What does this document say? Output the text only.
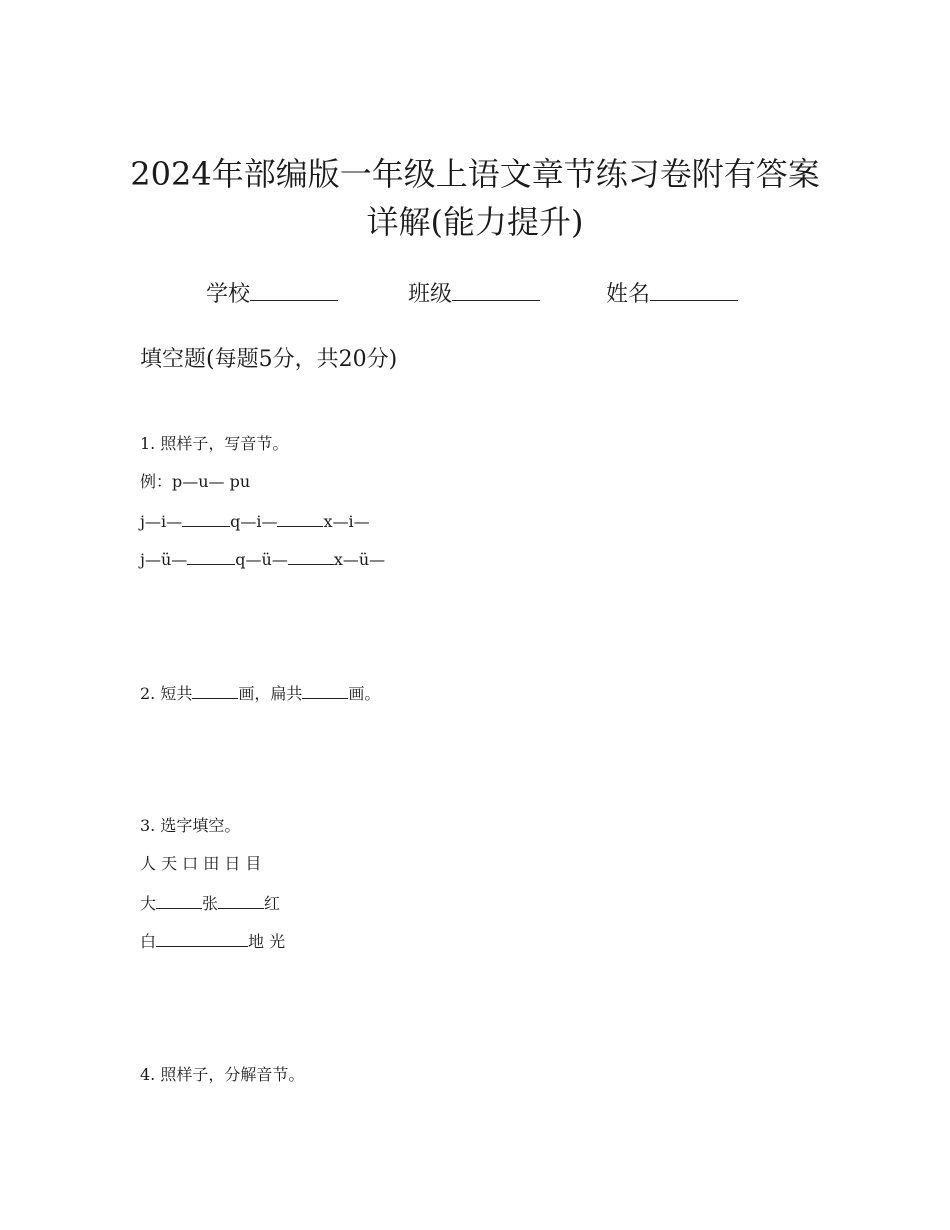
2024年部编版一年级上语文章节练习卷附有答案
详解(能力提升)
学校	班级	姓名
填空题(每题5分，共20分)
1. 照样子，写音节。
例：p—u— pu
j—i—	q—i—	x—i—
j—ü—	q—ü—	x—ü—
2. 短共	画，扁共	画。
3. 选字填空。
人 天 口 田 日 目
大	张	红
白	地 光
4. 照样子，分解音节。
